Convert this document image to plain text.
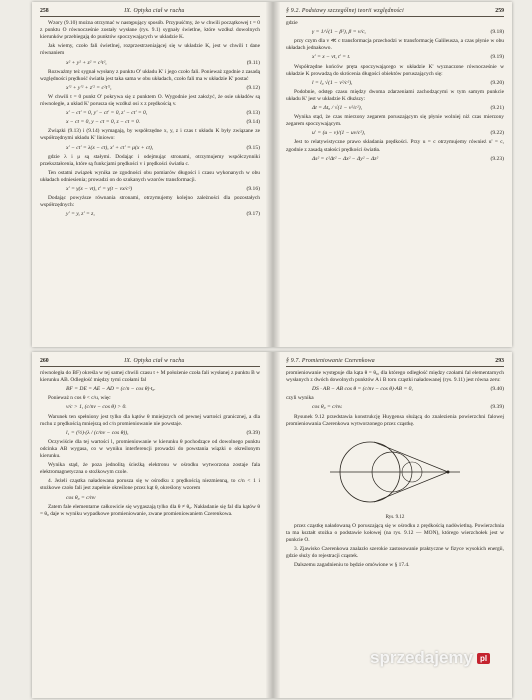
258	IX. Optyka ciał w ruchu

Wzory (9.10) można otrzymać w następujący sposób. Przypuśćmy, że w chwili początkowej t = 0 z punktu O równocześnie zostały wysłane (rys. 9.1) sygnały świetlne, które wzdłuż dowolnych kierunków przebiegają do punktów spoczywających w układzie K.

Jak wiemy, czoło fali świetlnej, rozprzestrzeniającej się w układzie K, jest w chwili t dane równaniem

x² + y² + z² = c²t²,	(9.11)

Rozważmy też sygnał wysłany z punktu O' układu K' i jego czoło fali. Ponieważ zgodnie z zasadą względności prędkość światła jest taka sama w obu układach, czoło fali ma w układzie K' postać

x'² + y'² + z'² = c²t'²,	(9.12)

W chwili t = 0 punkt O' pokrywa się z punktem O. Wygodnie jest założyć, że osie układów są równoległe, a układ K' porusza się wzdłuż osi x z prędkością v.

x' − ct' = 0, y' − ct' = 0, z' − ct' = 0,	(9.13)
x − ct = 0, y − ct = 0, z − ct = 0.	(9.14)

Związki (9.13) i (9.14) wymagają, by współrzędne x, y, z i czas t układu K były związane ze współrzędnymi układu K' liniowo:

x' − ct' = λ(x − ct), x' + ct' = μ(x + ct),	(9.15)

gdzie λ i μ są stałymi. Dodając i odejmując stronami, otrzymujemy współczynniki przekształcenia, które są funkcjami prędkości v i prędkości światła c.

Ten ostatni związek wynika ze zgodności obu pomiarów długości i czasu wykonanych w obu układach odniesienia; prowadzi on do szukanych wzorów transformacji.

x' = γ(x − vt), t' = γ(t − vx/c²)	(9.16)

Dodając powyższe równania stronami, otrzymujemy kolejno zależności dla pozostałych współrzędnych:

y' = y, z' = z,	(9.17)
§ 9.2. Podstawy szczególnej teorii względności	259

gdzie

γ = 1/√(1 − β²), β = v/c,	(9.18)

przy czym dla v ≪ c transformacja przechodzi w transformację Galileusza, a czas płynie w obu układach jednakowo.

x' = x − vt, t' = t.	(9.19)

Współrzędne końców pręta spoczywającego w układzie K' wyznaczone równocześnie w układzie K prowadzą do skrócenia długości obiektów poruszających się:

l = l₀ √(1 − v²/c²),	(9.20)

Podobnie, odstęp czasu między dwoma zdarzeniami zachodzącymi w tym samym punkcie układu K' jest w układzie K dłuższy:

Δt = Δt₀ / √(1 − v²/c²),	(9.21)

Wynika stąd, że czas mierzony zegarem poruszającym się płynie wolniej niż czas mierzony zegarem spoczywającym.

u' = (u − v)/(1 − uv/c²),	(9.22)

Jest to relatywistyczne prawo składania prędkości. Przy u = c otrzymujemy również u' = c, zgodnie z zasadą stałości prędkości światła.

Δs² = c²Δt² − Δx² − Δy² − Δz²	(9.23)
260	IX. Optyka ciał w ruchu

równoległa do BF) określa w tej samej chwili czasu t + M położenie czoła fali wysłanej z punktu B w kierunku AB. Odległość między tymi czołami fal

BF = DE = AE − AD = (c/n − cos θ)·t₀.

Ponieważ n cos θ < c/u, więc

v/c > 1, (c/nv − cos θ) > 0.

Warunek ten spełniony jest tylko dla kątów θ mniejszych od pewnej wartości granicznej, a dla ruchu z prędkością mniejszą od c/n promieniowanie nie powstaje.

l₁ = (½)·(λ / (c/nv − cos θ)),	(9.39)

Oczywiście dla tej wartości l₁ promieniowanie w kierunku θ pochodzące od dowolnego punktu odcinka AB wygasa, co w wyniku interferencji prowadzi do powstania wiązki o określonym kierunku.

Wynika stąd, że poza jednolitą ścieżką elektronu w ośrodku wytworzona zostaje fala elektromagnetyczna o stożkowym czole.

4. Jeżeli cząstka naładowana porusza się w ośrodku z prędkością niezmienną, to c/n < 1 i stożkowe czoło fali jest zupełnie określone przez kąt θ, określony wzorem

cos θ₀ = c/nv

Zatem fale elementarne całkowicie się wygaszają tylko dla θ ≠ θ₀. Nakładanie się fal dla kątów θ = θ₀ daje w wyniku wypadkowe promieniowanie, zwane promieniowaniem Czerenkowa.

§ 9.7. Promieniowanie Czerenkowa	293

promieniowanie występuje dla kąta θ = θ₀, dla którego odległość między czołami fal elementarnych wysłanych z dwóch dowolnych punktów A i B toru cząstki naładowanej (rys. 9.11) jest równa zeru:

DS · AB − AB cos θ = (c/nv − cos θ)·AB = 0,	(9.40)

czyli wynika

cos θ₀ = c/nv.	(9.39)

Rysunek 9.12 przedstawia konstrukcję Huygensa służącą do znalezienia powierzchni falowej promieniowania Czerenkowa wytworzonego przez cząstkę.

Rys. 9.12

przez cząstkę naładowaną O poruszającą się w ośrodku z prędkością nadświetlną. Powierzchnia ta ma kształt stożka o podstawie kołowej (na rys. 9.12 — MON), którego wierzchołek jest w punkcie O.

3. Zjawisko Czerenkowa znalazło szerokie zastosowanie praktyczne w fizyce wysokich energii, gdzie służy do rejestracji cząstek.

Dalszemu zagadnieniu to będzie omówione w § 17.4.

sprzedajemy pl
